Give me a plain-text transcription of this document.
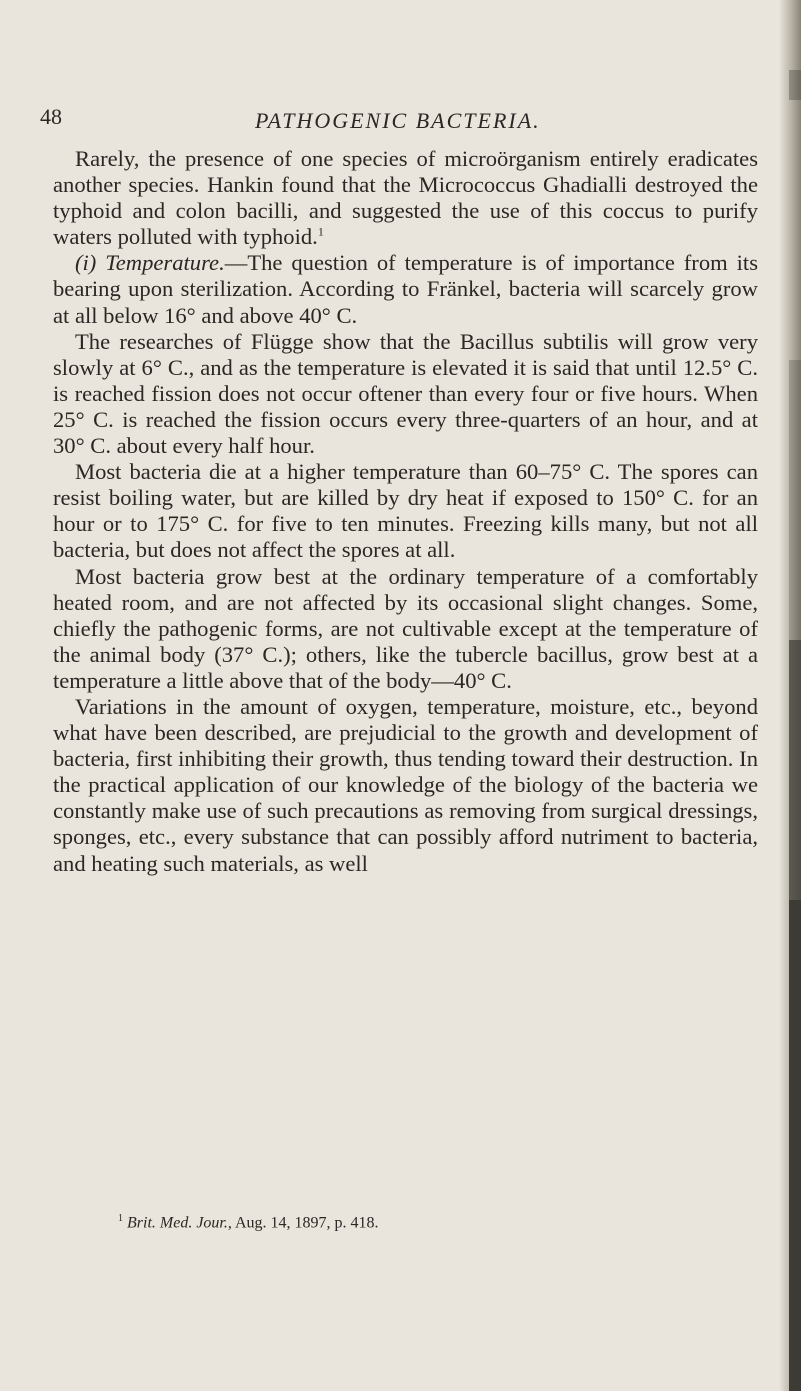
48	PATHOGENIC BACTERIA.

Rarely, the presence of one species of microörganism entirely eradicates another species. Hankin found that the Micrococcus Ghadialli destroyed the typhoid and colon bacilli, and suggested the use of this coccus to purify waters polluted with typhoid.$^1$

(i) Temperature.—The question of temperature is of importance from its bearing upon sterilization. According to Fränkel, bacteria will scarcely grow at all below 16° and above 40° C.

The researches of Flügge show that the Bacillus subtilis will grow very slowly at 6° C., and as the temperature is elevated it is said that until 12.5° C. is reached fission does not occur oftener than every four or five hours. When 25° C. is reached the fission occurs every three-quarters of an hour, and at 30° C. about every half hour.

Most bacteria die at a higher temperature than 60–75° C. The spores can resist boiling water, but are killed by dry heat if exposed to 150° C. for an hour or to 175° C. for five to ten minutes. Freezing kills many, but not all bacteria, but does not affect the spores at all.

Most bacteria grow best at the ordinary temperature of a comfortably heated room, and are not affected by its occasional slight changes. Some, chiefly the pathogenic forms, are not cultivable except at the temperature of the animal body (37° C.); others, like the tubercle bacillus, grow best at a temperature a little above that of the body—40° C.

Variations in the amount of oxygen, temperature, moisture, etc., beyond what have been described, are prejudicial to the growth and development of bacteria, first inhibiting their growth, thus tending toward their destruction. In the practical application of our knowledge of the biology of the bacteria we constantly make use of such precautions as removing from surgical dressings, sponges, etc., every substance that can possibly afford nutriment to bacteria, and heating such materials, as well

$^1$ Brit. Med. Jour., Aug. 14, 1897, p. 418.
